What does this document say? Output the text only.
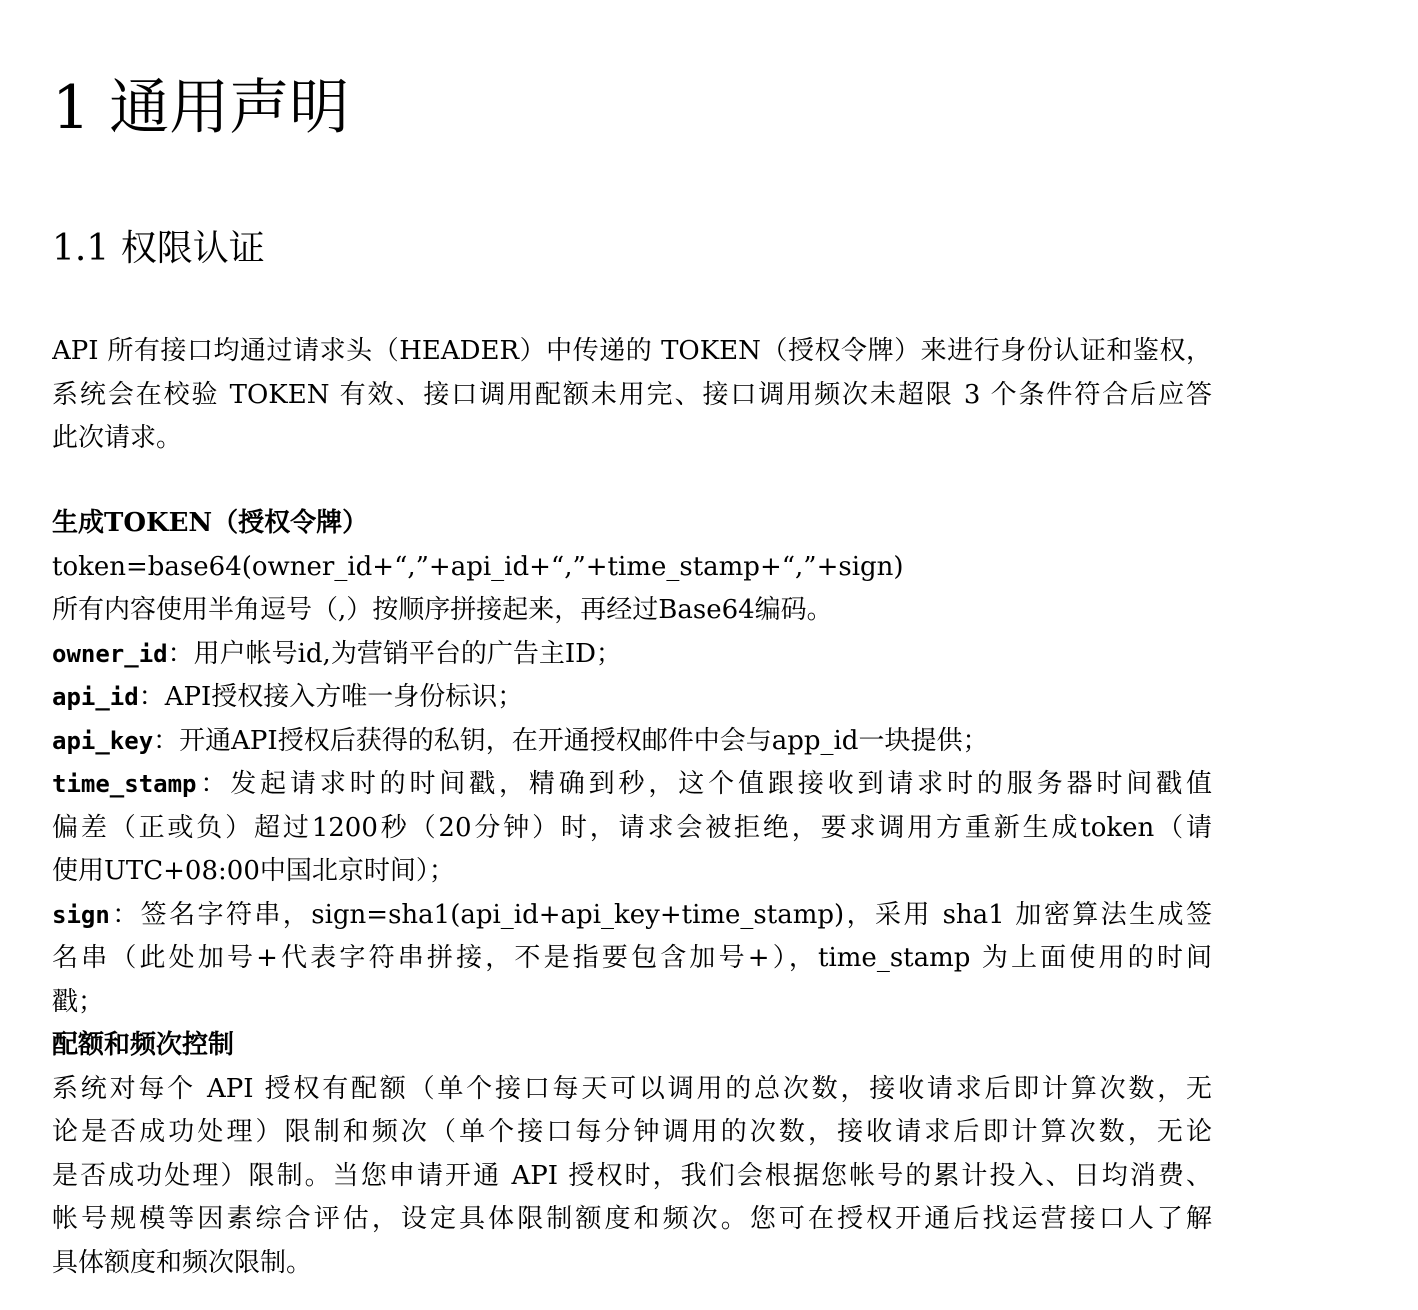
1 通用声明
1.1 权限认证
API 所有接口均通过请求头（HEADER）中传递的 TOKEN（授权令牌）来进行身份认证和鉴权，
系统会在校验 TOKEN 有效、接口调用配额未用完、接口调用频次未超限 3 个条件符合后应答
此次请求。
生成TOKEN（授权令牌）
token=base64(owner_id+“,”+api_id+“,”+time_stamp+“,”+sign)
所有内容使用半角逗号（,）按顺序拼接起来，再经过Base64编码。
owner_id：用户帐号id,为营销平台的广告主ID；
api_id：API授权接入方唯一身份标识；
api_key：开通API授权后获得的私钥，在开通授权邮件中会与app_id一块提供；
time_stamp：发起请求时的时间戳，精确到秒，这个值跟接收到请求时的服务器时间戳值
偏差（正或负）超过1200秒（20分钟）时，请求会被拒绝，要求调用方重新生成token（请
使用UTC+08:00中国北京时间）；
sign：签名字符串，sign=sha1(api_id+api_key+time_stamp)，采用 sha1 加密算法生成签
名串（此处加号+代表字符串拼接，不是指要包含加号+），time_stamp 为上面使用的时间
戳；
配额和频次控制
系统对每个 API 授权有配额（单个接口每天可以调用的总次数，接收请求后即计算次数，无
论是否成功处理）限制和频次（单个接口每分钟调用的次数，接收请求后即计算次数，无论
是否成功处理）限制。当您申请开通 API 授权时，我们会根据您帐号的累计投入、日均消费、
帐号规模等因素综合评估，设定具体限制额度和频次。您可在授权开通后找运营接口人了解
具体额度和频次限制。
